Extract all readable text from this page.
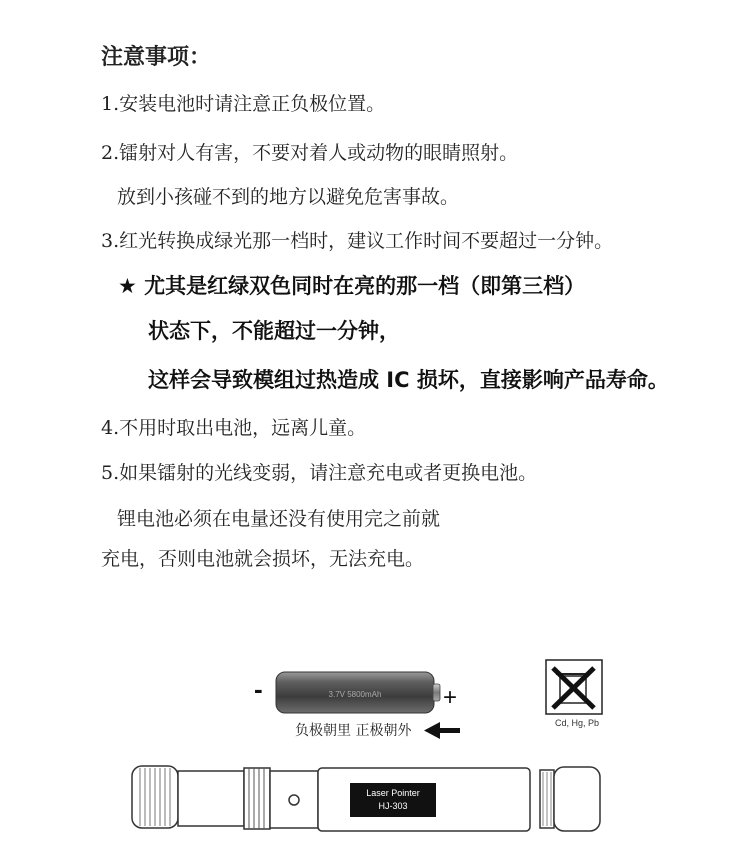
注意事项：
1.安装电池时请注意正负极位置。
2.镭射对人有害，不要对着人或动物的眼睛照射。
放到小孩碰不到的地方以避免危害事故。
3.红光转换成绿光那一档时，建议工作时间不要超过一分钟。
★ 尤其是红绿双色同时在亮的那一档（即第三档）
状态下，不能超过一分钟，
这样会导致模组过热造成 IC 损坏，直接影响产品寿命。
4.不用时取出电池，远离儿童。
5.如果镭射的光线变弱，请注意充电或者更换电池。
锂电池必须在电量还没有使用完之前就
充电，否则电池就会损坏，无法充电。
-	3.7V 5800mAh	+
负极朝里 正极朝外	Cd, Hg, Pb
Laser Pointer
HJ-303
